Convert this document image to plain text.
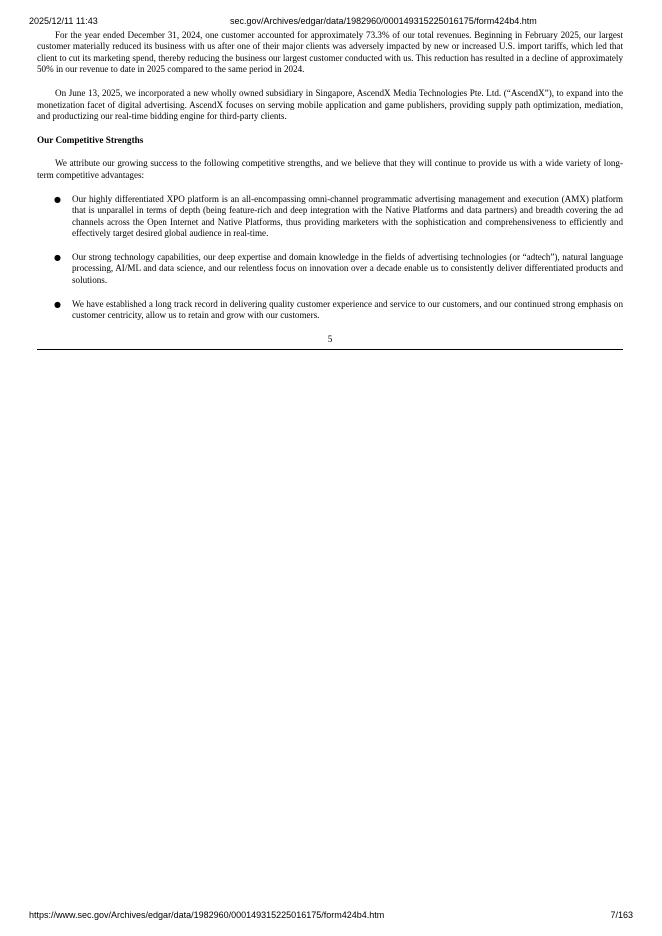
2025/12/11 11:43	sec.gov/Archives/edgar/data/1982960/000149315225016175/form424b4.htm

For the year ended December 31, 2024, one customer accounted for approximately 73.3% of our total revenues. Beginning in February 2025, our largest customer materially reduced its business with us after one of their major clients was adversely impacted by new or increased U.S. import tariffs, which led that client to cut its marketing spend, thereby reducing the business our largest customer conducted with us. This reduction has resulted in a decline of approximately 50% in our revenue to date in 2025 compared to the same period in 2024.

On June 13, 2025, we incorporated a new wholly owned subsidiary in Singapore, AscendX Media Technologies Pte. Ltd. (“AscendX”), to expand into the monetization facet of digital advertising. AscendX focuses on serving mobile application and game publishers, providing supply path optimization, mediation, and productizing our real-time bidding engine for third-party clients.

Our Competitive Strengths

We attribute our growing success to the following competitive strengths, and we believe that they will continue to provide us with a wide variety of long-term competitive advantages:

● Our highly differentiated XPO platform is an all-encompassing omni-channel programmatic advertising management and execution (AMX) platform that is unparallel in terms of depth (being feature-rich and deep integration with the Native Platforms and data partners) and breadth covering the ad channels across the Open Internet and Native Platforms, thus providing marketers with the sophistication and comprehensiveness to efficiently and effectively target desired global audience in real-time.
● Our strong technology capabilities, our deep expertise and domain knowledge in the fields of advertising technologies (or “adtech”), natural language processing, AI/ML and data science, and our relentless focus on innovation over a decade enable us to consistently deliver differentiated products and solutions.
● We have established a long track record in delivering quality customer experience and service to our customers, and our continued strong emphasis on customer centricity, allow us to retain and grow with our customers.
5
https://www.sec.gov/Archives/edgar/data/1982960/000149315225016175/form424b4.htm	7/163
